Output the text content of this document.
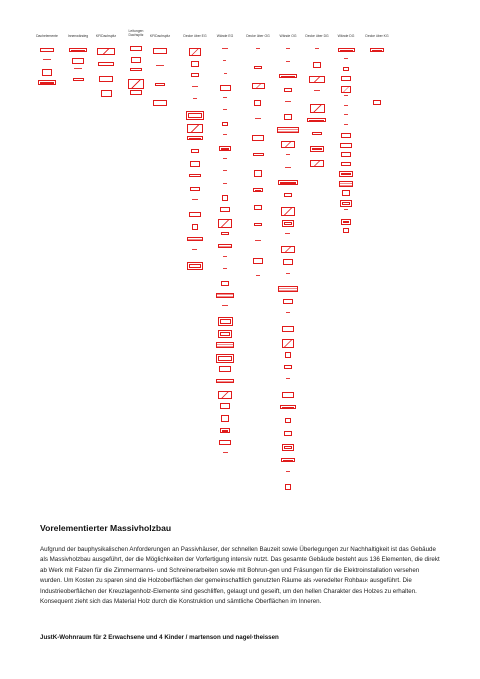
Dachelemente	Innenwändeg	KFIDachspitz
Leitungen
Dachspitz	KFIDachspitz	Decke über EG	Wände EG	Decke über OG	Wände OG	Decke über DG	Wände DG	Decke über KG
Vorelementierter Massivholzbau

Aufgrund der bauphysikalischen Anforderungen an Passivhäuser, der schnellen Bauzeit sowie Überlegungen zur Nachhaltigkeit ist das Gebäude als Massivholzbau ausgeführt, der die Möglichkeiten der Vorfertigung intensiv nutzt. Das gesamte Gebäude besteht aus 136 Elementen, die direkt ab Werk mit Falzen für die Zimmermanns- und Schreinerarbeiten sowie mit Bohrun-gen und Fräsungen für die Elektroinstallation versehen wurden. Um Kosten zu sparen sind die Holzoberflächen der gemeinschaftlich genutzten Räume als ›veredelter Rohbau‹ ausgeführt. Die Industrieoberflächen der Kreuzlagenholz-Elemente sind geschliffen, gelaugt und geseift, um den hellen Charakter des Holzes zu erhalten. Konsequent zieht sich das Material Holz durch die Konstruktion und sämtliche Oberflächen im Inneren.

JustK-Wohnraum für 2 Erwachsene und 4 Kinder / martenson und nagel·theissen
